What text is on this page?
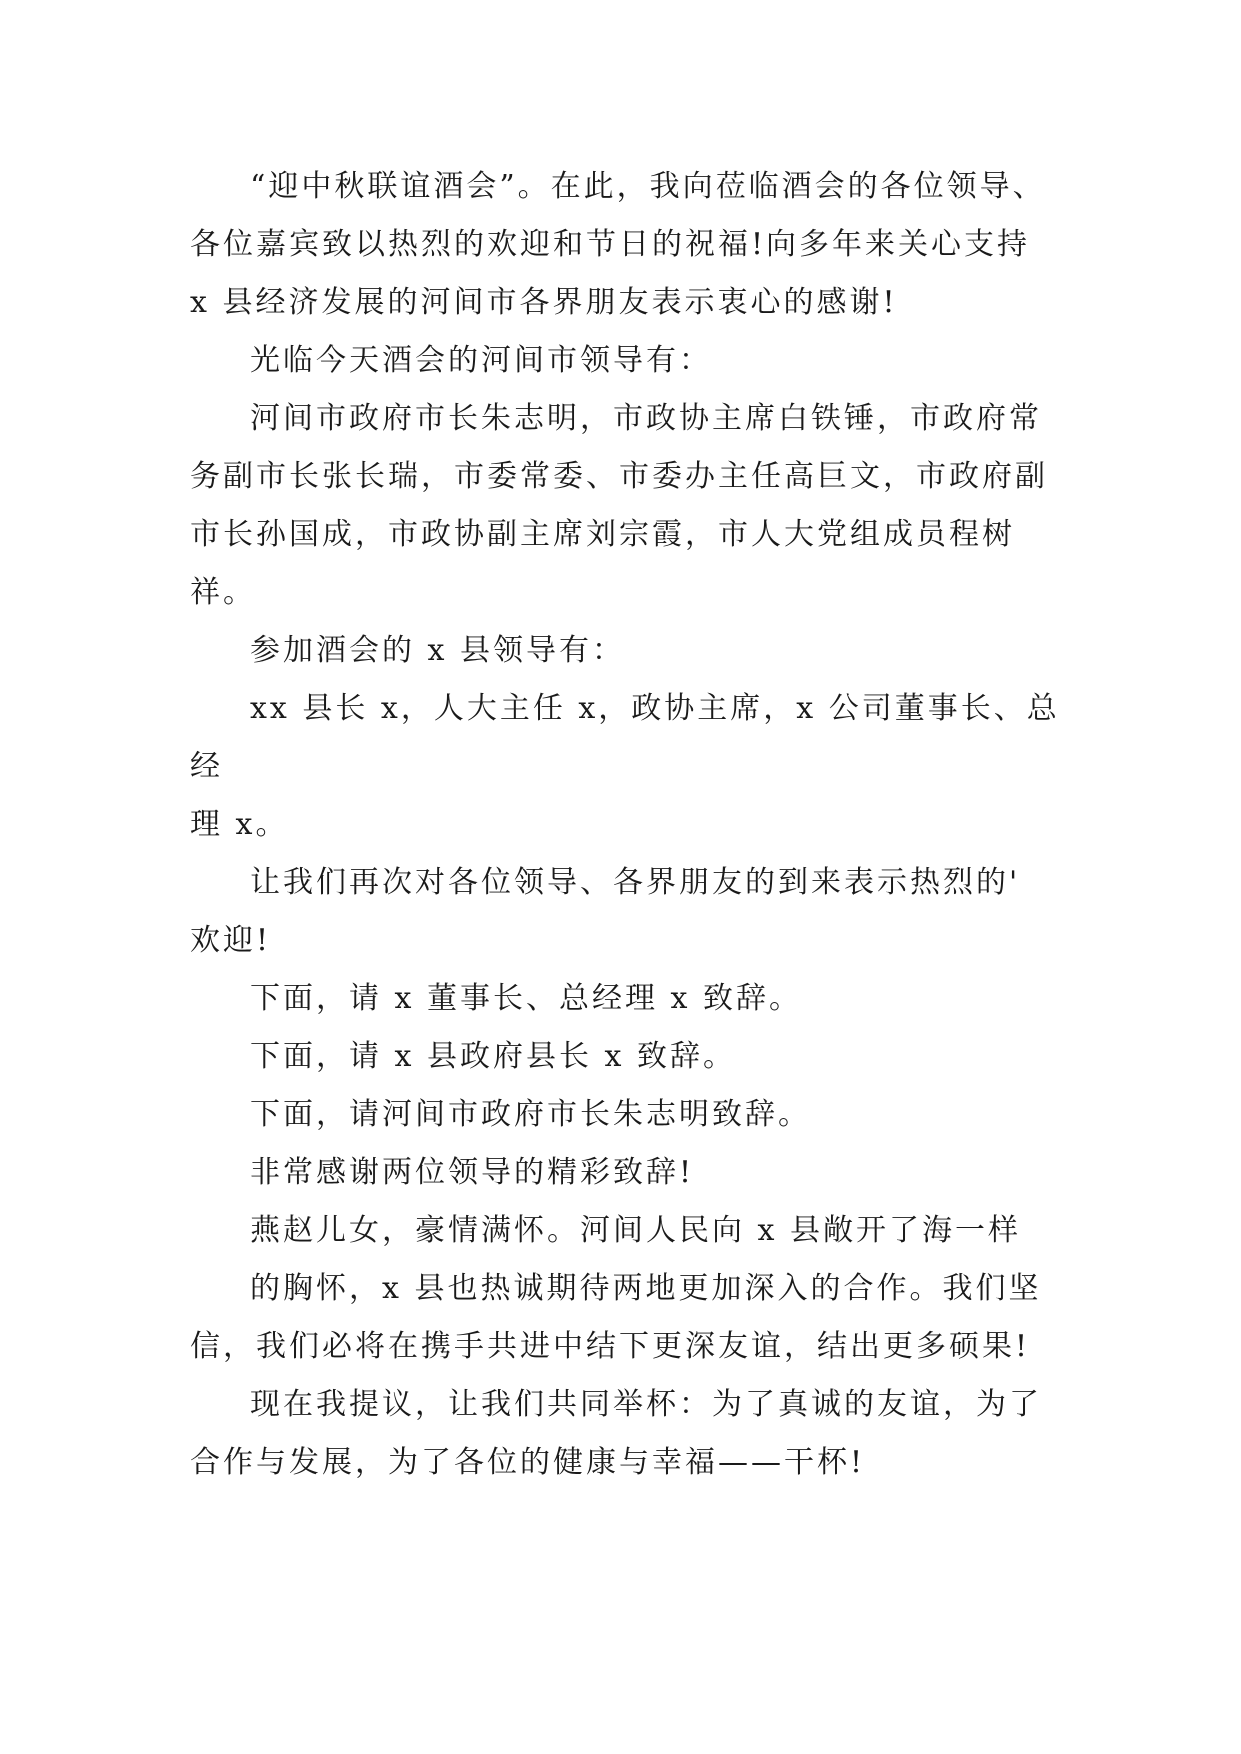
“迎中秋联谊酒会”。在此，我向莅临酒会的各位领导、
各位嘉宾致以热烈的欢迎和节日的祝福!向多年来关心支持
x 县经济发展的河间市各界朋友表示衷心的感谢!

光临今天酒会的河间市领导有：

河间市政府市长朱志明，市政协主席白铁锤，市政府常
务副市长张长瑞，市委常委、市委办主任高巨文，市政府副
市长孙国成，市政协副主席刘宗霞，市人大党组成员程树祥。

参加酒会的 x 县领导有：

xx 县长 x，人大主任 x，政协主席，x 公司董事长、总经
理 x。

让我们再次对各位领导、各界朋友的到来表示热烈的'
欢迎!

下面，请 x 董事长、总经理 x 致辞。

下面，请 x 县政府县长 x 致辞。

下面，请河间市政府市长朱志明致辞。

非常感谢两位领导的精彩致辞!

燕赵儿女，豪情满怀。河间人民向 x 县敞开了海一样

的胸怀，x 县也热诚期待两地更加深入的合作。我们坚
信，我们必将在携手共进中结下更深友谊，结出更多硕果!

现在我提议，让我们共同举杯：为了真诚的友谊，为了
合作与发展，为了各位的健康与幸福——干杯!
